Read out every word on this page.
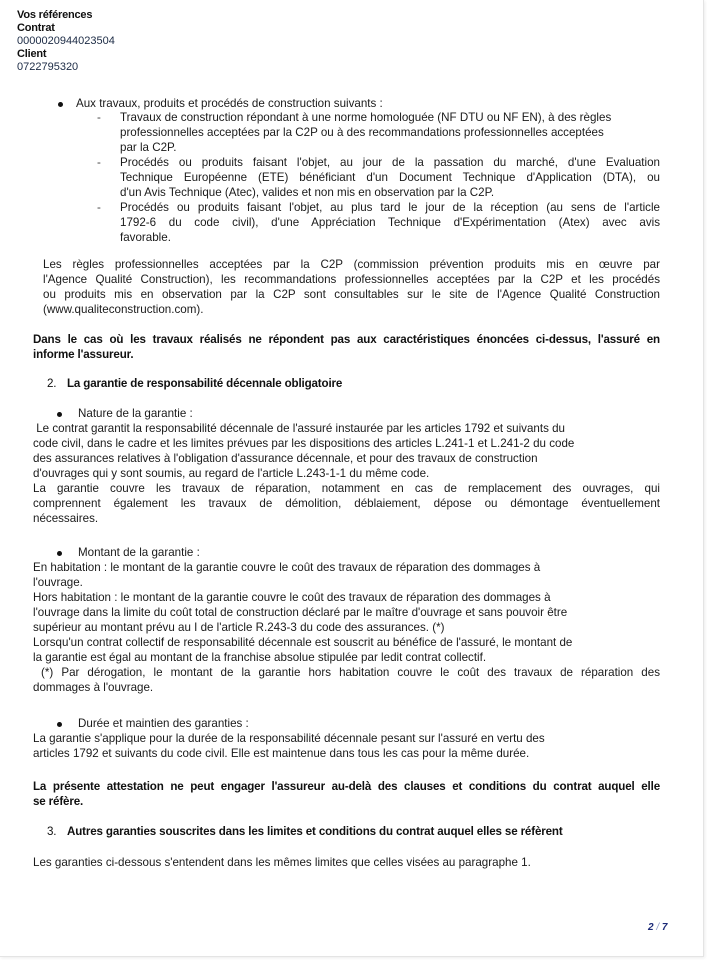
Vos références
Contrat
0000020944023504
Client
0722795320
Aux travaux, produits et procédés de construction suivants :
-	Travaux de construction répondant à une norme homologuée (NF DTU ou NF EN), à des règles
professionnelles acceptées par la C2P ou à des recommandations professionnelles acceptées
par la C2P.
-	Procédés ou produits faisant l'objet, au jour de la passation du marché, d'une Evaluation
Technique Européenne (ETE) bénéficiant d'un Document Technique d'Application (DTA), ou
d'un Avis Technique (Atec), valides et non mis en observation par la C2P.
-	Procédés ou produits faisant l'objet, au plus tard le jour de la réception (au sens de l'article
1792-6 du code civil), d'une Appréciation Technique d'Expérimentation (Atex) avec avis
favorable.
Les règles professionnelles acceptées par la C2P (commission prévention produits mis en œuvre par
l'Agence Qualité Construction), les recommandations professionnelles acceptées par la C2P et les procédés
ou produits mis en observation par la C2P sont consultables sur le site de l'Agence Qualité Construction
(www.qualiteconstruction.com).
Dans le cas où les travaux réalisés ne répondent pas aux caractéristiques énoncées ci-dessus, l'assuré en
informe l'assureur.
2. La garantie de responsabilité décennale obligatoire
Nature de la garantie :
Le contrat garantit la responsabilité décennale de l'assuré instaurée par les articles 1792 et suivants du
code civil, dans le cadre et les limites prévues par les dispositions des articles L.241-1 et L.241-2 du code
des assurances relatives à l'obligation d'assurance décennale, et pour des travaux de construction
d'ouvrages qui y sont soumis, au regard de l'article L.243-1-1 du même code.
La garantie couvre les travaux de réparation, notamment en cas de remplacement des ouvrages, qui
comprennent également les travaux de démolition, déblaiement, dépose ou démontage éventuellement
nécessaires.
Montant de la garantie :
En habitation : le montant de la garantie couvre le coût des travaux de réparation des dommages à
l'ouvrage.
Hors habitation : le montant de la garantie couvre le coût des travaux de réparation des dommages à
l'ouvrage dans la limite du coût total de construction déclaré par le maître d'ouvrage et sans pouvoir être
supérieur au montant prévu au I de l'article R.243-3 du code des assurances. (*)
Lorsqu'un contrat collectif de responsabilité décennale est souscrit au bénéfice de l'assuré, le montant de
la garantie est égal au montant de la franchise absolue stipulée par ledit contrat collectif.
(*) Par dérogation, le montant de la garantie hors habitation couvre le coût des travaux de réparation des
dommages à l'ouvrage.
Durée et maintien des garanties :
La garantie s'applique pour la durée de la responsabilité décennale pesant sur l'assuré en vertu des
articles 1792 et suivants du code civil. Elle est maintenue dans tous les cas pour la même durée.
La présente attestation ne peut engager l'assureur au-delà des clauses et conditions du contrat auquel elle
se réfère.
3. Autres garanties souscrites dans les limites et conditions du contrat auquel elles se réfèrent
Les garanties ci-dessous s'entendent dans les mêmes limites que celles visées au paragraphe 1.
2 / 7
